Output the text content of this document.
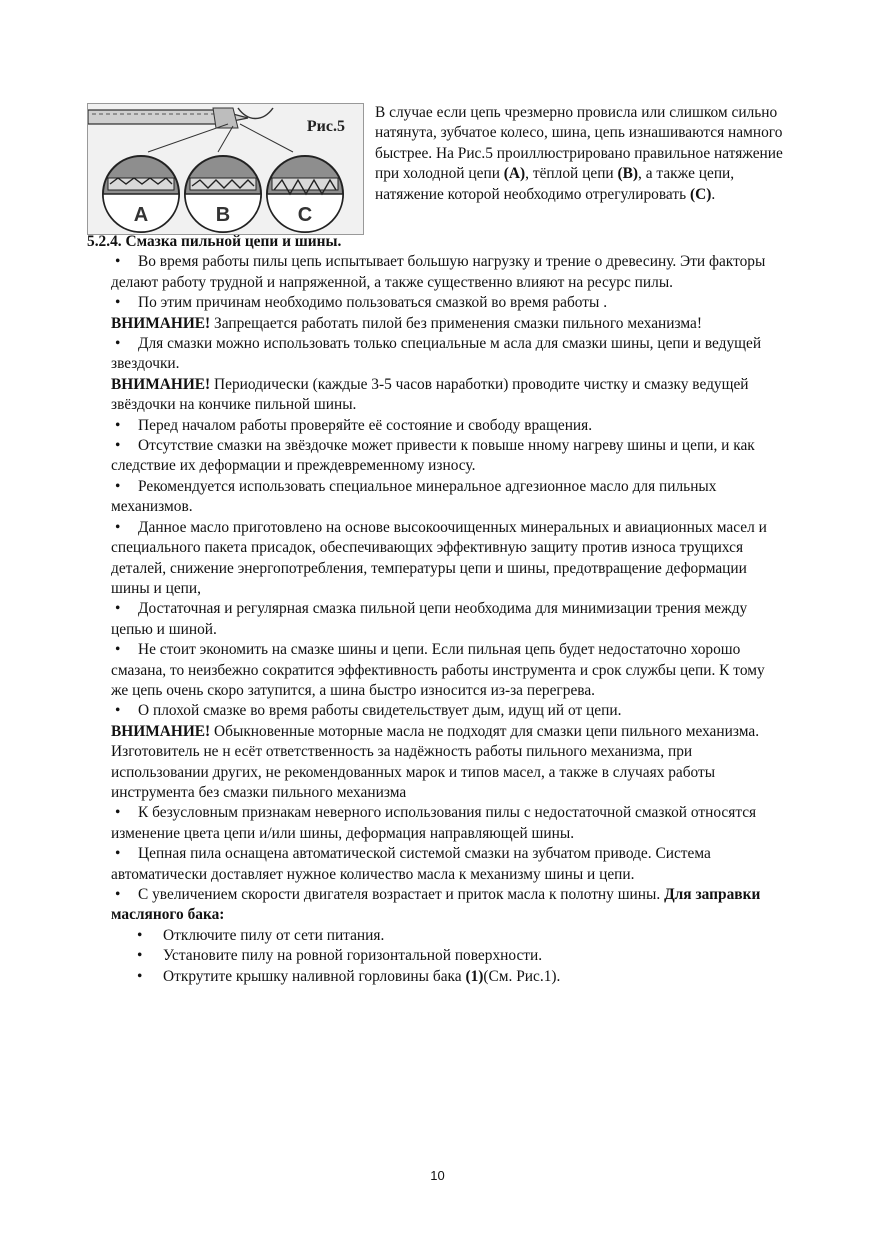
A	B	C
Рис.5
В случае если цепь чрезмерно провисла или слишком сильно натянута, зубчатое колесо, шина, цепь изнашиваются намного быстрее. На Рис.5 проиллюстрировано правильное натяжение при холодной цепи (А), тёплой цепи (В), а также цепи, натяжение которой необходимо отрегулировать (С).
5.2.4. Смазка пильной цепи и шины.

• Во время работы пилы цепь испытывает большую нагрузку и трение о древесину. Эти факторы делают работу трудной и напряженной, а также существенно влияют на ресурс пилы.

• По этим причинам необходимо пользоваться смазкой во время работы .

ВНИМАНИЕ! Запрещается работать пилой без применения смазки пильного механизма!

• Для смазки можно использовать только специальные м асла для смазки шины, цепи и ведущей звездочки.

ВНИМАНИЕ! Периодически (каждые 3-5 часов наработки) проводите чистку и смазку ведущей звёздочки на кончике пильной шины.

• Перед началом работы проверяйте её состояние и свободу вращения.

• Отсутствие смазки на звёздочке может привести к повыше нному нагреву шины и цепи, и как следствие их деформации и преждевременному износу.

• Рекомендуется использовать специальное минеральное адгезионное масло для пильных механизмов.

• Данное масло приготовлено на основе высокоочищенных минеральных и авиационных масел и специального пакета присадок, обеспечивающих эффективную защиту против износа трущихся деталей, снижение энергопотребления, температуры цепи и шины, предотвращение деформации шины и цепи,

• Достаточная и регулярная смазка пильной цепи необходима для минимизации трения между цепью и шиной.

• Не стоит экономить на смазке шины и цепи. Если пильная цепь будет недостаточно хорошо смазана, то неизбежно сократится эффективность работы инструмента и срок службы цепи. К тому же цепь очень скоро затупится, а шина быстро износится из-за перегрева.

• О плохой смазке во время работы свидетельствует дым, идущ ий от цепи.

ВНИМАНИЕ! Обыкновенные моторные масла не подходят для смазки цепи пильного механизма. Изготовитель не н есёт ответственность за надёжность работы пильного механизма, при использовании других, не рекомендованных марок и типов масел, а также в случаях работы инструмента без смазки пильного механизма

• К безусловным признакам неверного использования пилы с недостаточной смазкой относятся изменение цвета цепи и/или шины, деформация направляющей шины.

• Цепная пила оснащена автоматической системой смазки на зубчатом приводе. Система автоматически доставляет нужное количество масла к механизму шины и цепи.

• С увеличением скорости двигателя возрастает и приток масла к полотну шины. Для заправки масляного бака:

• Отключите пилу от сети питания.
• Установите пилу на ровной горизонтальной поверхности.
• Открутите крышку наливной горловины бака (1)(См. Рис.1).
10
